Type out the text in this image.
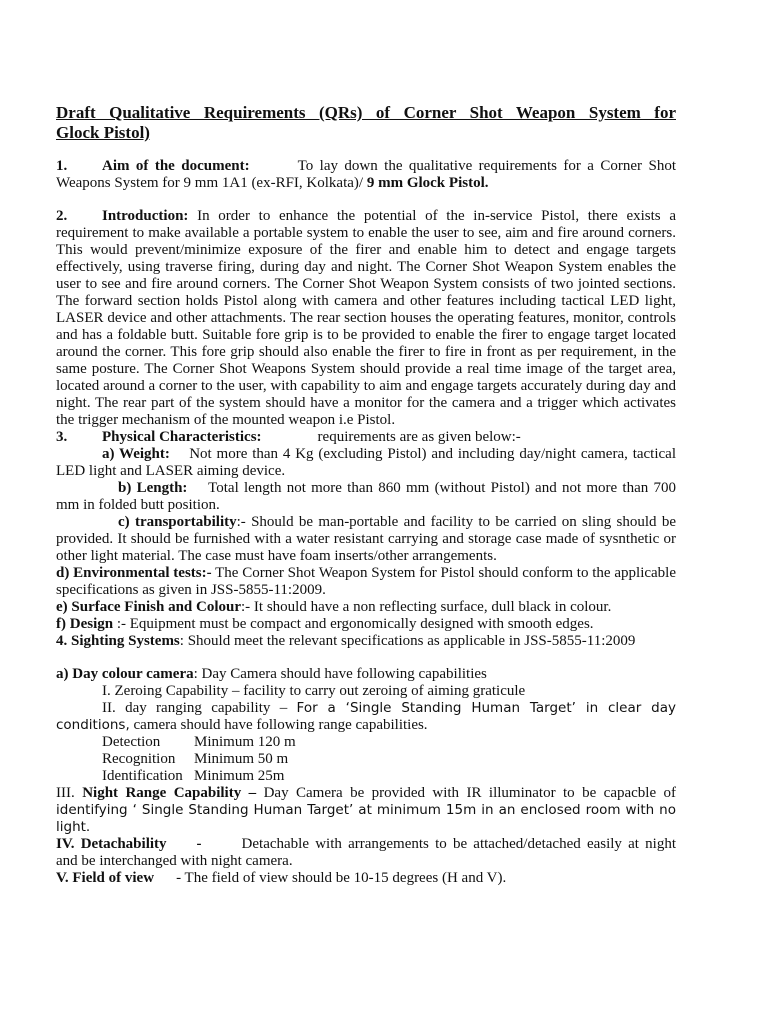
Draft Qualitative Requirements (QRs) of Corner Shot Weapon System for
Glock Pistol)

1. Aim of the document:	To lay down the qualitative requirements for a Corner Shot Weapons System for 9 mm 1A1 (ex-RFI, Kolkata)/ 9 mm Glock Pistol.

2. Introduction: In order to enhance the potential of the in-service Pistol, there exists a requirement to make available a portable system to enable the user to see, aim and fire around corners. This would prevent/minimize exposure of the firer and enable him to detect and engage targets effectively, using traverse firing, during day and night. The Corner Shot Weapon System enables the user to see and fire around corners. The Corner Shot Weapon System consists of two jointed sections. The forward section holds Pistol along with camera and other features including tactical LED light, LASER device and other attachments. The rear section houses the operating features, monitor, controls and has a foldable butt. Suitable fore grip is to be provided to enable the firer to engage target located around the corner. This fore grip should also enable the firer to fire in front as per requirement, in the same posture. The Corner Shot Weapons System should provide a real time image of the target area, located around a corner to the user, with capability to aim and engage targets accurately during day and night. The rear part of the system should have a monitor for the camera and a trigger which activates the trigger mechanism of the mounted weapon i.e Pistol.

3. Physical Characteristics:	requirements are as given below:-

a) Weight: Not more than 4 Kg (excluding Pistol) and including day/night camera, tactical LED light and LASER aiming device.

b) Length: Total length not more than 860 mm (without Pistol) and not more than 700 mm in folded butt position.

c) transportability:- Should be man-portable and facility to be carried on sling should be provided. It should be furnished with a water resistant carrying and storage case made of sysnthetic or other light material. The case must have foam inserts/other arrangements.

d) Environmental tests:- The Corner Shot Weapon System for Pistol should conform to the applicable specifications as given in JSS-5855-11:2009.

e) Surface Finish and Colour:- It should have a non reflecting surface, dull black in colour.

f) Design :- Equipment must be compact and ergonomically designed with smooth edges.

4. Sighting Systems: Should meet the relevant specifications as applicable in JSS-5855-11:2009

a) Day colour camera: Day Camera should have following capabilities

I. Zeroing Capability – facility to carry out zeroing of aiming graticule

II. day ranging capability – For a ‘Single Standing Human Target’ in clear day conditions, camera should have following range capabilities.

Detection Minimum 120 m
Recognition Minimum 50 m
Identification Minimum 25m

III. Night Range Capability – Day Camera be provided with IR illuminator to be capacble of identifying ‘ Single Standing Human Target’ at minimum 15m in an enclosed room with no light.

IV. Detachability -	Detachable with arrangements to be attached/detached easily at night and be interchanged with night camera.

V. Field of view - The field of view should be 10-15 degrees (H and V).
